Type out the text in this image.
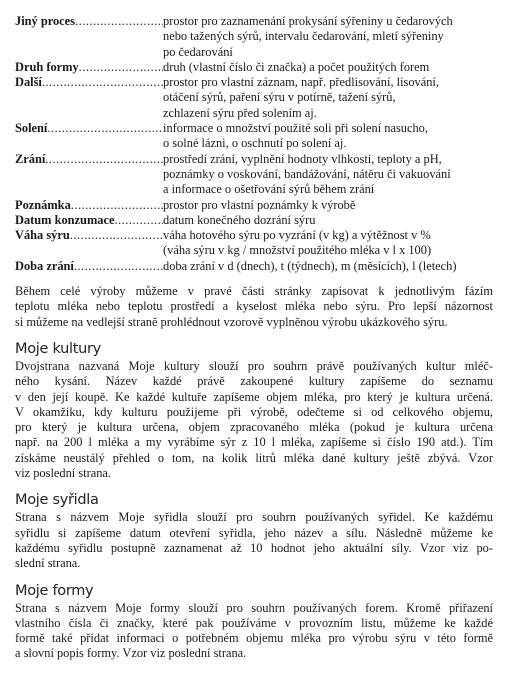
Jiný proces .....	prostor pro zaznamenání prokysání sýřeniny u čedarových
nebo tažených sýrů, intervalu čedarování, mletí sýřeniny
po čedarování
Druh formy .....	druh (vlastní číslo či značka) a počet použitých forem
Další .....	prostor pro vlastní záznam, např. předlisování, lisování,
otáčení sýrů, paření sýru v potírně, tažení sýrů,
zchlazení sýru před solením aj.
Solení .....	informace o množství použité soli při solení nasucho,
o solné lázni, o oschnutí po solení aj.
Zrání .....	prostředí zrání, vyplnění hodnoty vlhkosti, teploty a pH,
poznámky o voskování, bandážování, nátěru či vakuování
a informace o ošetřování sýrů během zrání
Poznámka .....	prostor pro vlastní poznámky k výrobě
Datum konzumace .....	datum konečného dozrání sýru
Váha sýru .....	váha hotového sýru po vyzrání (v kg) a výtěžnost v %
(váha sýru v kg / množství použitého mléka v l x 100)
Doba zrání .....	doba zrání v d (dnech), t (týdnech), m (měsících), l (letech)

Během celé výroby můžeme v pravé části stránky zapisovat k jednotlivým fázím
teplotu mléka nebo teplotu prostředí a kyselost mléka nebo sýru. Pro lepší názornost
si můžeme na vedlejší straně prohlédnout vzorově vyplněnou výrobu ukázkového sýru.

Moje kultury

Dvojstrana nazvaná Moje kultury slouží pro souhrn právě používaných kultur mléč-
ného kysání. Název každé právě zakoupené kultury zapíšeme do seznamu
v den její koupě. Ke každé kultuře zapíšeme objem mléka, pro který je kultura určená.
V okamžiku, kdy kulturu použijeme při výrobě, odečteme si od celkového objemu,
pro který je kultura určena, objem zpracovaného mléka (pokud je kultura určena
např. na 200 l mléka a my vyrábíme sýr z 10 l mléka, zapíšeme si číslo 190 atd.). Tím
získáme neustálý přehled o tom, na kolik litrů mléka dané kultury ještě zbývá. Vzor
viz poslední strana.

Moje syřidla

Strana s názvem Moje syřidla slouží pro souhrn používaných syřidel. Ke každému
syřidlu si zapíšeme datum otevření syřidla, jeho název a sílu. Následně můžeme ke
každému syřidlu postupně zaznamenat až 10 hodnot jeho aktuální síly. Vzor viz po-
slední strana.

Moje formy

Strana s názvem Moje formy slouží pro souhrn používaných forem. Kromě přiřazení
vlastního čísla či značky, které pak používáme v provozním listu, můžeme ke každé
formě také přidat informaci o potřebném objemu mléka pro výrobu sýru v této formě
a slovní popis formy. Vzor viz poslední strana.
